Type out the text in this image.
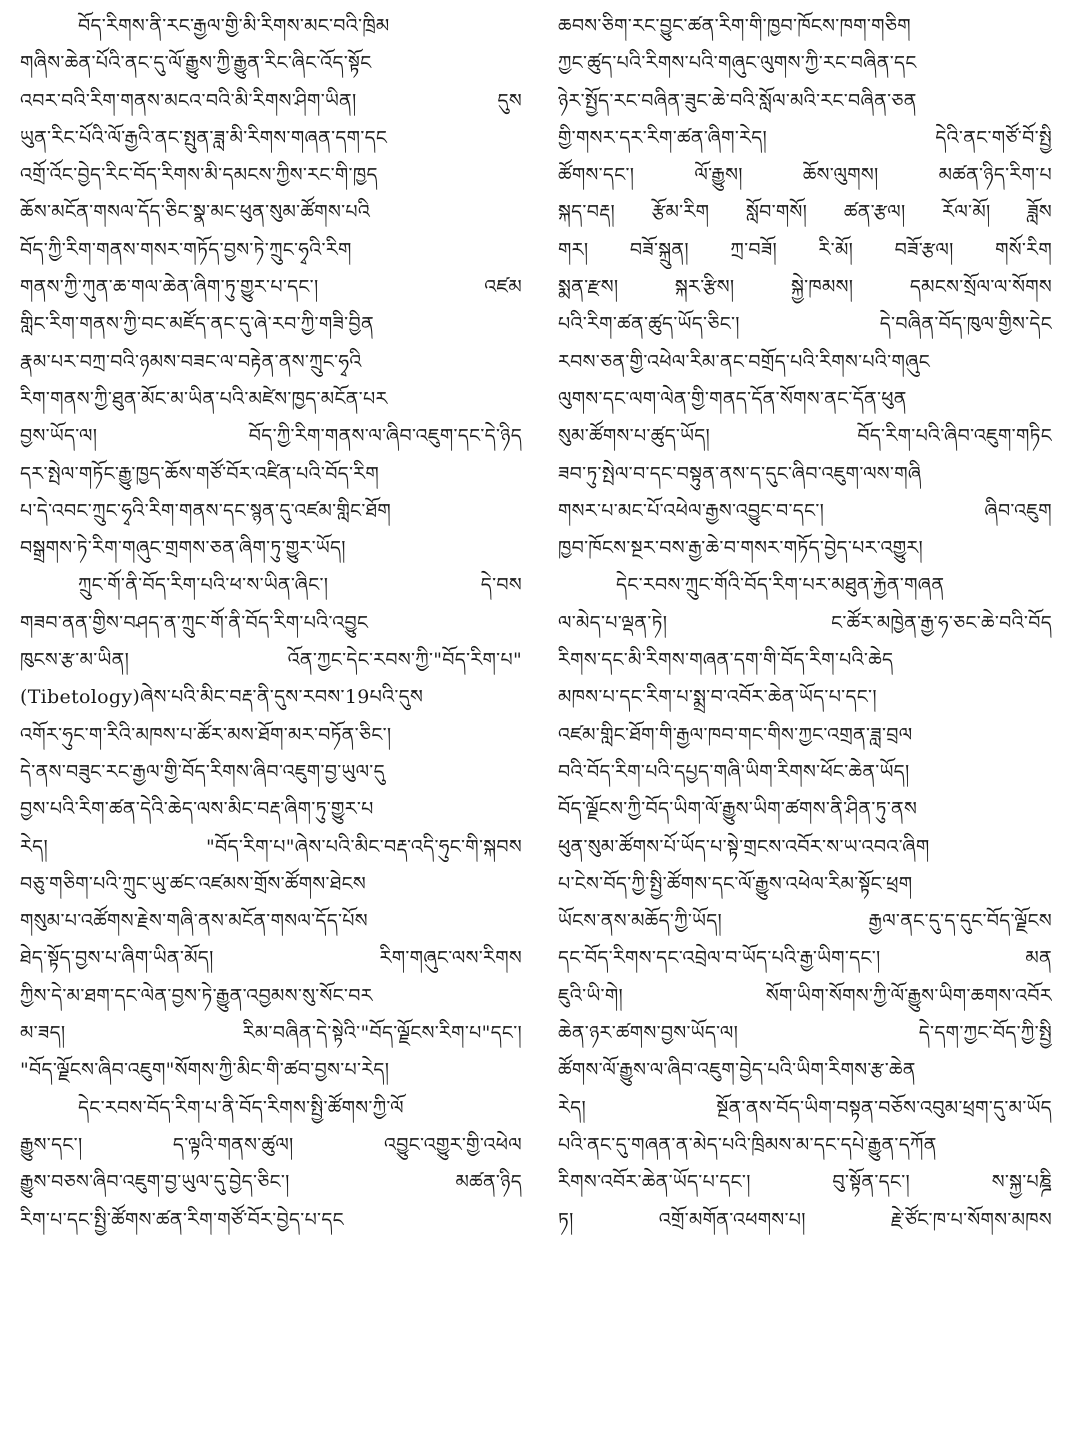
བོད་རིགས་ནི་རང་རྒྱལ་གྱི་མི་རིགས་མང་བའི་ཁྲིམ
གཞིས་ཆེན་པོའི་ནང་དུ་ལོ་རྒྱུས་ཀྱི་རྒྱུན་རིང་ཞིང་འོད་སྟོང
འབར་བའི་རིག་གནས་མངའ་བའི་མི་རིགས་ཤིག་ཡིན། དུས
ཡུན་རིང་པོའི་ལོ་རྒྱའི་ནང་སྤུན་ཟླ་མི་རིགས་གཞན་དག་དང
འགྲོ་འོང་བྱེད་རིང་བོད་རིགས་མི་དམངས་ཀྱིས་རང་གི་ཁྱད
ཆོས་མངོན་གསལ་དོད་ཅིང་སྣ་མང་ཕུན་སུམ་ཚོགས་པའི
བོད་ཀྱི་རིག་གནས་གསར་གཏོད་བྱས་ཏེ་ཀྲུང་ཧྭའི་རིག
གནས་ཀྱི་ཀུན་ཆ་གལ་ཆེན་ཞིག་ཏུ་གྱུར་པ་དང་། འཛམ
གླིང་རིག་གནས་ཀྱི་བང་མཛོད་ནང་དུ་ཞེ་རབ་ཀྱི་གཟི་བྱིན
རྣམ་པར་བཀྲ་བའི་ཉམས་བཟང་ལ་བརྟེན་ནས་ཀྲུང་ཧྭའི
རིག་གནས་ཀྱི་ཐུན་མོང་མ་ཡིན་པའི་མཛེས་ཁྱད་མངོན་པར
བྱས་ཡོད་ལ། བོད་ཀྱི་རིག་གནས་ལ་ཞིབ་འཇུག་དང་དེ་ཉིད
དར་སྤེལ་གཏོང་རྒྱུ་ཁྱད་ཆོས་གཙོ་བོར་འཛིན་པའི་བོད་རིག
པ་དེ་འབང་ཀྲུང་ཧྭའི་རིག་གནས་དང་སྙན་དུ་འཛམ་གླིང་ཐོག
བསྒྲགས་ཏེ་རིག་གཞུང་གྲགས་ཅན་ཞིག་ཏུ་གྱུར་ཡོད།
ཀྲུང་གོ་ནི་བོད་རིག་པའི་ཕ་ས་ཡིན་ཞིང་། དེ་བས
གཟབ་ནན་གྱིས་བཤད་ན་ཀྲུང་གོ་ནི་བོད་རིག་པའི་འབྱུང
ཁུངས་རྩ་མ་ཡིན། འོན་ཀྱང་དེང་རབས་ཀྱི་"བོད་རིག་པ"
(Tibetology)ཞེས་པའི་མིང་བརྡ་ནི་དུས་རབས་19པའི་དུས
འགོར་ཧུང་ག་རིའི་མཁས་པ་ཚོར་མས་ཐོག་མར་བཏོན་ཅིང་།
དེ་ནས་བཟུང་རང་རྒྱལ་གྱི་བོད་རིགས་ཞིབ་འཇུག་བྱ་ཡུལ་དུ
བྱས་པའི་རིག་ཚན་དེའི་ཆེད་ལས་མིང་བརྡ་ཞིག་ཏུ་གྱུར་པ
རེད། "བོད་རིག་པ"ཞེས་པའི་མིང་བརྡ་འདི་ཧུང་གི་སྐབས
བཅུ་གཅིག་པའི་ཀྲུང་ཡུ་ཚང་འཛམས་གྲོས་ཚོགས་ཐེངས
གསུམ་པ་འཚོགས་རྗེས་གཞི་ནས་མངོན་གསལ་དོད་པོས
ཐེད་སྟོད་བྱས་པ་ཞིག་ཡིན་མོད། རིག་གཞུང་ལས་རིགས
ཀྱིས་དེ་མ་ཐག་དང་ལེན་བྱས་ཏེ་རྒྱུན་འབྱམས་སུ་སོང་བར
མ་ཟད། རིམ་བཞིན་དེ་སྟེའི་"བོད་ལྗོངས་རིག་པ"དང་།
"བོད་ལྗོངས་ཞིབ་འཇུག"སོགས་ཀྱི་མིང་གི་ཚབ་བྱས་པ་རེད།
དེང་རབས་བོད་རིག་པ་ནི་བོད་རིགས་སྤྱི་ཚོགས་ཀྱི་ལོ
རྒྱུས་དང་། ད་ལྟའི་གནས་ཚུལ། འབྱུང་འགྱུར་གྱི་འཕེལ
རྒྱུས་བཅས་ཞིབ་འཇུག་བྱ་ཡུལ་དུ་བྱེད་ཅིང་། མཚན་ཉིད
རིག་པ་དང་སྤྱི་ཚོགས་ཚན་རིག་གཙོ་བོར་བྱེད་པ་དང
ཆབས་ཅིག་རང་བྱུང་ཚན་རིག་གི་ཁྱབ་ཁོངས་ཁག་གཅིག
ཀྱང་ཚུད་པའི་རིགས་པའི་གཞུང་ལུགས་ཀྱི་རང་བཞིན་དང
ཉེར་སྤྱོད་རང་བཞིན་ཟུང་ཆེ་བའི་སློལ་མའི་རང་བཞིན་ཅན
གྱི་གསར་དར་རིག་ཚན་ཞིག་རེད། དེའི་ནང་གཙོ་བོ་སྤྱི
ཚོགས་དང་། ལོ་རྒྱུས། ཆོས་ལུགས། མཚན་ཉིད་རིག་པ
སྐད་བརྡ། རྩོམ་རིག སློབ་གསོ། ཚན་རྩལ། རོལ་མོ། ཟློས
གར། བཟོ་སྐྲུན། ཀྲ་བཟོ། རི་མོ། བཟོ་རྩལ། གསོ་རིག
སྨན་རྫས། སྐར་རྩིས། སྐྱེ་ཁམས། དམངས་སྲོལ་ལ་སོགས
པའི་རིག་ཚན་ཚུད་ཡོད་ཅིང་། དེ་བཞིན་བོད་ཁུལ་གྱིས་དེང
རབས་ཅན་གྱི་འཕེལ་རིམ་ནང་བགྲོད་པའི་རིགས་པའི་གཞུང
ལུགས་དང་ལག་ལེན་གྱི་གནད་དོན་སོགས་ནང་དོན་ཕུན
སུམ་ཚོགས་པ་ཚུད་ཡོད། བོད་རིག་པའི་ཞིབ་འཇུག་གཏིང
ཟབ་ཏུ་སྤེལ་བ་དང་བསྟུན་ནས་ད་དུང་ཞིབ་འཇུག་ལས་གཞི
གསར་པ་མང་པོ་འཕེལ་རྒྱས་འབྱུང་བ་དང་། ཞིབ་འཇུག
ཁྱབ་ཁོངས་སྔར་བས་རྒྱ་ཆེ་བ་གསར་གཏོད་བྱེད་པར་འགྱུར།
དེང་རབས་ཀྲུང་གོའི་བོད་རིག་པར་མཐུན་རྐྱེན་གཞན
ལ་མེད་པ་ལྡན་ཏེ། ང་ཚོར་མཁྱེན་རྒྱ་ཧ་ཅང་ཆེ་བའི་བོད
རིགས་དང་མི་རིགས་གཞན་དག་གི་བོད་རིག་པའི་ཆེད
མཁས་པ་དང་རིག་པ་སྨྲ་བ་འབོར་ཆེན་ཡོད་པ་དང་།
འཛམ་གླིང་ཐོག་གི་རྒྱལ་ཁབ་གང་གིས་ཀྱང་འགྲན་ཟླ་བྲལ
བའི་བོད་རིག་པའི་དཔྱད་གཞི་ཡིག་རིགས་ཕོང་ཆེན་ཡོད།
བོད་ལྗོངས་ཀྱི་བོད་ཡིག་ལོ་རྒྱུས་ཡིག་ཚགས་ནི་ཤིན་ཏུ་ནས
ཕུན་སུམ་ཚོགས་པོ་ཡོད་པ་སྟེ་གྲངས་འབོར་ས་ཡ་འབའ་ཞིག
པ་ངེས་བོད་ཀྱི་སྤྱི་ཚོགས་དང་ལོ་རྒྱུས་འཕེལ་རིམ་སྟོང་ཕྲག
ཡོངས་ནས་མཆོད་ཀྱི་ཡོད། རྒྱལ་ནང་དུ་ད་དུང་བོད་ལྗོངས
དང་བོད་རིགས་དང་འབྲེལ་བ་ཡོད་པའི་རྒྱ་ཡིག་དང་། མན
ཇུའི་ཡི་གེ། སོག་ཡིག་སོགས་ཀྱི་ལོ་རྒྱུས་ཡིག་ཆགས་འབོར
ཆེན་ཉར་ཚགས་བྱས་ཡོད་ལ། དེ་དག་ཀྱང་བོད་ཀྱི་སྤྱི
ཚོགས་ལོ་རྒྱུས་ལ་ཞིབ་འཇུག་བྱེད་པའི་ཡིག་རིགས་རྩ་ཆེན
རེད། སྔོན་ནས་བོད་ཡིག་བསྟན་བཅོས་འབུམ་ཕྲག་དུ་མ་ཡོད
པའི་ནང་དུ་གཞན་ན་མེད་པའི་ཁྲིམས་མ་དང་དཔེ་རྒྱུན་དཀོན
རིགས་འབོར་ཆེན་ཡོད་པ་དང་། བུ་སྟོན་དང་། ས་སྐྱ་པཎྜི
ཏ། འགྲོ་མགོན་འཕགས་པ། རྗེ་ཙོང་ཁ་པ་སོགས་མཁས
